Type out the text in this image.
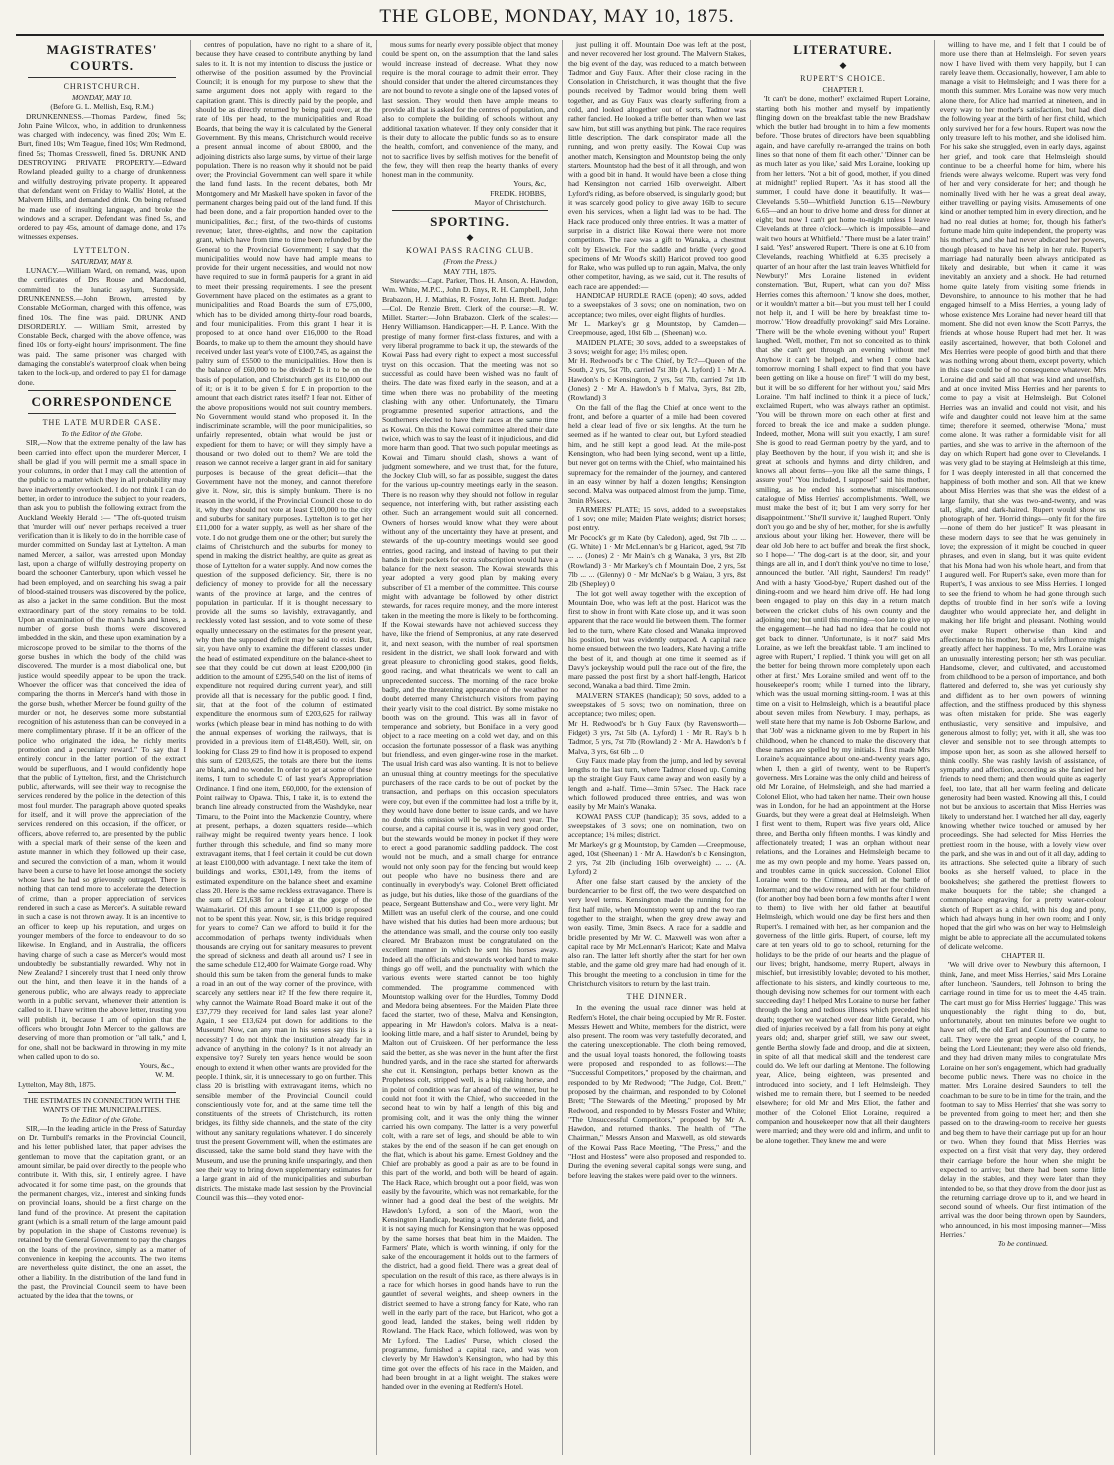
THE GLOBE, MONDAY, MAY 10, 1875.
MAGISTRATES' COURTS.
CHRISTCHURCH.
MONDAY, MAY 10.
(Before G. L. Mellish, Esq, R.M.)

DRUNKENNESS.—Thomas Pardew, fined 5s; John Paine Wilcox, who, in addition to drunkenness was charged with indecency, was fined 20s; Wm E. Burt, fined 10s; Wm Teague, fined 10s; Wm Redmond, fined 5s; Thomas Cresswell, fined 5s. DRUNK AND DESTROYING PRIVATE PROPERTY.—Edward Rowland pleaded guilty to a charge of drunkenness and wilfully destroying private property. It appeared that defendant went on Friday to Wallis' Hotel, at the Malvern Hills, and demanded drink. On being refused he made use of insulting language, and broke the windows and a scraper. Defendant was fined 5s, and ordered to pay 45s, amount of damage done, and 17s witnesses expenses.

LYTTELTON.
SATURDAY, MAY 8.

LUNACY.—William Ward, on remand, was, upon the certificates of Drs Rouse and Macdonald, committed to the lunatic asylum, Sunnyside. DRUNKENNESS.—John Brown, arrested by Constable McGorman, charged with this offence, was fined 10s. The fine was paid. DRUNK AND DISORDERLY. — William Smit, arrested by Constable Beck, charged with the above offence, was fined 10s or forty-eight hours' imprisonment. The fine was paid. The same prisoner was charged with damaging the constable's waterproof cloak when being taken to the lock-up, and ordered to pay £1 for damage done.

CORRESPONDENCE
THE LATE MURDER CASE.
To the Editor of the Globe.

SIR,—Now that the extreme penalty of the law has been carried into effect upon the murderer Mercer, I shall be glad if you will permit me a small space in your columns, in order that I may call the attention of the public to a matter which they in all probability may have inadvertently overlooked. I do not think I can do better, in order to introduce the subject to your readers, than ask you to publish the following extract from the Auckland Weekly Herald :— "The oft-quoted truism that 'murder will out' never perhaps received a truer verification than it is likely to do in the horrible case of murder committed on Sunday last at Lyttelton. A man named Mercer, a sailor, was arrested upon Monday last, upon a charge of wilfully destroying property on board the schooner Canterbury, upon which vessel he had been employed, and on searching his swag a pair of blood-stained trousers was discovered by the police, as also a jacket in the same condition. But the most extraordinary part of the story remains to be told. Upon an examination of the man's hands and knees, a number of gorse bush thorns were discovered imbedded in the skin, and these upon examination by a microscope proved to be similar to the thorns of the gorse bushes in which the body of the child was discovered. The murder is a most diabolical one, but justice would speedily appear to be upon the track. Whoever the officer was that conceived the idea of comparing the thorns in Mercer's hand with those in the gorse bush, whether Mercer be found guilty of the murder or not, he deserves some more substantial recognition of his astuteness than can be conveyed in a mere complimentary phrase. If it be an officer of the police who originated the idea, he richly merits promotion and a pecuniary reward." To say that I entirely concur in the latter portion of the extract would be superfluous, and I would confidently hope that the public of Lyttelton, first, and the Christchurch public, afterwards, will see their way to recognise the services rendered by the police in the detection of this most foul murder. The paragraph above quoted speaks for itself, and it will prove the appreciation of the services rendered on this occasion, if the officer, or officers, above referred to, are presented by the public with a special mark of their sense of the keen and astute manner in which they followed up their case, and secured the conviction of a man, whom it would have been a curse to have let loose amongst the society whose laws he had so grievously outraged. There is nothing that can tend more to accelerate the detection of crime, than a proper appreciation of services rendered in such a case as Mercer's. A suitable reward in such a case is not thrown away. It is an incentive to an officer to keep up his reputation, and urges on younger members of the force to endeavour to do so likewise. In England, and in Australia, the officers having charge of such a case as Mercer's would most undoubtedly be substantially rewarded. Why not in New Zealand? I sincerely trust that I need only throw out the hint, and then leave it in the hands of a generous public, who are always ready to appreciate worth in a public servant, whenever their attention is called to it. I have written the above letter, trusting you will publish it, because I am of opinion that the officers who brought John Mercer to the gallows are deserving of more than promotion or "all talk," and I, for one, shall not be backward in throwing in my mite when called upon to do so.

Yours, &c.,
W. M.
Lyttelton, May 8th, 1875.
THE ESTIMATES IN CONNECTION WITH THE WANTS OF THE MUNICIPALITIES.
To the Editor of the Globe.

SIR,—In the leading article in the Press of Saturday on Dr. Turnbull's remarks in the Provincial Council, and his letter published later, that paper advises the gentleman to move that the capitation grant, or an amount similar, be paid over directly to the people who contribute it. With this, sir, I entirely agree. I have advocated it for some time past, on the grounds that the permanent charges, viz., interest and sinking funds on provincial loans, should be a first charge on the land fund of the province. At present the capitation grant (which is a small return of the large amount paid by population in the shape of Customs revenue) is retained by the General Government to pay the charges on the loans of the province, simply as a matter of convenience in keeping the accounts. The two items are nevertheless quite distinct, the one an asset, the other a liability. In the distribution of the land fund in the past, the Provincial Council seem to have been actuated by the idea that the towns, or

centres of population, have no right to a share of it, because they have ceased to contribute anything by land sales to it. It is not my intention to discuss the justice or otherwise of the position assumed by the Provincial Council; it is enough for my purpose to shew that the same argument does not apply with regard to the capitation grant. This is directly paid by the people, and should be as directly returned by being paid over, at the rate of 10s per head, to the municipalities and Road Boards, that being the way it is calculated by the General Government. By this means, Christchurch would receive a present annual income of about £8000, and the adjoining districts also large sums, by virtue of their large population. There is no reason why it should not be paid over; the Provincial Government can well spare it while the land fund lasts. In the recent debates, both Mr Montgomery and Mr Maskell have spoken in favor of the permanent charges being paid out of the land fund. If this had been done, and a fair proportion handed over to the municipalities, &c.; first, of the two-thirds of customs revenue; later, three-eighths, and now the capitation grant, which have from time to time been refunded by the General to the Provincial Government; I say that the municipalities would now have had ample means to provide for their urgent necessities, and would not now have required to sue in formâ pauperis for a grant in aid to meet their pressing requirements. I see the present Government have placed on the estimates as a grant to municipalities and Road Boards the sum of £75,000, which has to be divided among thirty-four road boards, and four municipalities. From this grant I hear it is proposed to at once hand over £16,000 to the Road Boards, to make up to them the amount they should have received under last year's vote of £100,745, as against the paltry sum of £5500 to the municipalities. How then is the balance of £60,000 to be divided? Is it to be on the basis of population, and Christchurch get its £10,000 out of it; or is it to be given £ for £ in proportion to the amount that each district rates itself? I fear not. Either of the above propositions would not suit country members. No Government would stand who proposed it. In the indiscriminate scramble, will the poor municipalities, so unfairly represented, obtain what would be just or expedient for them to have; or will they simply have a thousand or two doled out to them? We are told the reason we cannot receive a larger grant in aid for sanitary purposes is because of the great deficit—that the Government have not the money, and cannot therefore give it. Now, sir, this is simply bunkum. There is no reason in the world, if the Provincial Council chose to do it, why they should not vote at least £100,000 to the city and suburbs for sanitary purposes. Lyttelton is to get her £11,000 for a water supply, as well as her share of the vote. I do not grudge them one or the other; but surely the claims of Christchurch and the suburbs for money to spend in making the district healthy, are quite as great as those of Lyttelton for a water supply. And now comes the question of the supposed deficiency. Sir, there is no deficiency of money to provide for all the necessary wants of the province at large, and the centres of population in particular. If it is thought necessary to provide all the sums so lavishly, extravagantly, and recklessly voted last session, and to vote some of these equally unnecessary on the estimates for the present year, why then the supposed deficit may be said to exist. But, sir, you have only to examine the different classes under the head of estimated expenditure on the balance-sheet to see that they could be cut down at least £200,000 (in addition to the amount of £295,540 on the list of items of expenditure not required during current year), and still provide all that is necessary for the public good. I find, sir, that at the foot of the column of estimated expenditure the enormous sum of £203,625 for railway works (which please bear in mind has nothing to do with the annual expenses of working the railways, that is provided in a previous item of £148,450). Well, sir, on looking for Class 29 to find how it is proposed to expend this sum of £203,625, the totals are there but the items are blank, and no wonder. In order to get at some of these items, I turn to schedule C of last year's Appropriation Ordinance. I find one item, £60,000, for the extension of Point railway to Opawa. This, I take it, is to extend the branch line already constructed from the Washdyke, near Timaru, to the Point into the Mackenzie Country, where at present, perhaps, a dozen squatters reside—which railway might be required twenty years hence. I look further through this schedule, and find so many more extravagant items, that I feel certain it could be cut down at least £100,000 with advantage. I next take the item of buildings and works, £301,149, from the items of estimated expenditure on the balance sheet and examine class 20. Here is the same reckless extravagance. There is the sum of £21,638 for a bridge at the gorge of the Waimakariri. Of this amount I see £11,000 is proposed not to be spent this year. Now, sir, is this bridge required for years to come? Can we afford to build it for the accommodation of perhaps twenty individuals when thousands are crying out for sanitary measures to prevent the spread of sickness and death all around us? I see in the same schedule £12,400 for Waimate Gorge road. Why should this sum be taken from the general funds to make a road in an out of the way corner of the province, with scarcely any settlers near it? If the few there require it, why cannot the Waimate Road Board make it out of the £37,779 they received for land sales last year alone? Again, I see £13,624 put down for additions to the Museum! Now, can any man in his senses say this is a necessity? I do not think the institution already far in advance of anything in the colony? Is it not already an expensive toy? Surely ten years hence would be soon enough to extend it when other wants are provided for the people. I think, sir, it is unnecessary to go on further. This class 20 is bristling with extravagant items, which no sensible member of the Provincial Council could conscientiously vote for, and at the same time tell the constituents of the streets of Christchurch, its rotten bridges, its filthy side channels, and the state of the city without any sanitary regulations whatever. I do sincerely trust the present Government will, when the estimates are discussed, take the same bold stand they have with the Museum, and use the pruning knife unsparingly, and then see their way to bring down supplementary estimates for a large grant in aid of the municipalities and suburban districts. The mistake made last session by the Provincial Council was this—they voted enor-

mous sums for nearly every possible object that money could be spent on, on the assumption that the land sales would increase instead of decrease. What they now require is the moral courage to admit their error. They should consider that under the altered circumstances they are not bound to revote a single one of the lapsed votes of last session. They would then have ample means to provide all that is asked for the centres of population, and also to complete the building of schools without any additional taxation whatever. If they only consider that it is their duty to allocate the public funds so as to ensure the health, comfort, and convenience of the many, and not to sacrifice lives by selfish motives for the benefit of the few, they will then reap the hearty thanks of every honest man in the community.

Yours, &c,
FREDK. HOBBS,
Mayor of Christchurch.
SPORTING.
◆
KOWAI PASS RACING CLUB.
(From the Press.)
MAY 7TH, 1875.

Stewards:—Capt. Parker, Thos. H. Anson, A. Hawdon, Wm. White, M.P.C., John D. Enys, R. H. Campbell, John Brabazon, H. J. Mathias, R. Foster, John H. Brett. Judge: —Col. De Renzie Brett. Clerk of the course:—R. W. Millet. Starter:—John Brabazon. Clerk of the scales:—Henry Williamson. Handicapper:—H. P. Lance. With the prestige of many former first-class fixtures, and with a very liberal programme to back it up, the stewards of the Kowai Pass had every right to expect a most successful tryst on this occasion. That the meeting was not so successful as could have been wished was no fault of theirs. The date was fixed early in the season, and at a time when there was no probability of the meeting clashing with any other. Unfortunately, the Timaru programme presented superior attractions, and the Southerners elected to have their races at the same time as Kowai. On this the Kowai committee altered their date twice, which was to say the least of it injudicious, and did more harm than good. That two such popular meetings as Kowai and Timaru should clash, shows a want of judgment somewhere, and we trust that, for the future, the Jockey Club will, so far as possible, suggest the dates for the various up-country meetings early in the season. There is no reason why they should not follow in regular sequence, not interfering with, but rather assisting each other. Such an arrangement would suit all concerned. Owners of horses would know what they were about without any of the uncertainty they have at present, and stewards of the up-country meetings would see good entries, good racing, and instead of having to put their hands in their pockets for extra subscription would have a balance for the next season. The Kowai stewards this year adopted a very good plan by making every subscriber of £1 a member of the committee. This course might with advantage be followed by other district stewards, for races require money, and the more interest taken in the meeting the more is likely to be forthcoming. If the Kowai stewards have not achieved success they have, like the friend of Sempronius, at any rate deserved it, and next season, with the number of real sportsmen resident in the district, we shall look forward and with great pleasure to chronicling good stakes, good fields, good racing, and what theatricals we went to call an unprecedented success. The morning of the race broke badly, and the threatening appearance of the weather no doubt deterred many Christchurch visitors from paying their yearly visit to the coal district. By some mistake no booth was on the ground. This was all in favor of temperance and sobriety, but Boniface in a very good object to a race meeting on a cold wet day, and on this occasion the fortunate possessor of a flask was anything but friendless, and even ginger-wine rose in the market. The usual Irish card was also wanting. It is not to believe an unusual thing at country meetings for the speculative purchasers of the race cards to be out of pocket by the transaction, and perhaps on this occasion speculators were coy, but even if the committee had lost a trifle by it, they would have done better to issue cards, and we have no doubt this omission will be supplied next year. The course, and a capital course it is, was in very good order, but the stewards would be money in pocket if they were to erect a good paranomic saddling paddock. The cost would not be much, and a small charge for entrance would not only soon pay for the fencing but would keep out people who have no business there and are continually in everybody's way. Colonel Brett officiated as judge, but his duties, like those of the guardians of the peace, Sergeant Buttenshaw and Co., were very light. Mr Millett was an useful clerk of the course, and one could have wished that his duties had been more arduous; but the attendance was small, and the course only too easily cleared. Mr Brabazon must be congratulated on the excellent manner in which he sent his horses away. Indeed all the officials and stewards worked hard to make things go off well, and the punctuality with which the various events were started cannot be too highly commended. The programme commenced with Mountstop walking over for the Hurdles, Tommy Dodd and Medora being absentees. For the Maiden Plate three faced the starter, two of these, Malva and Kensington, appearing in Mr Hawdon's colors. Malva is a neat-looking little mare, and a half sister to Arundel, being by Malton out of Cruiskeen. Of her performance the less said the better, as she was never in the hunt after the first hundred yards, and in the race she started for afterwards she cut it. Kensington, perhaps better known as the Prophetess colt, stripped well, is a big raking horse, and in point of condition was far ahead of the winner, but he could not foot it with the Chief, who succeeded in the second heat to win by half a length of this big and promising colt, and it was the only thing the winner carried his own company. The latter is a very powerful colt, with a rare set of legs, and should be able to win stakes by the end of the season if he can get enough on the flat, which is about his game. Ernest Goldney and the Chief are probably as good a pair as are to be found in this part of the world, and both will be heard of again. The Hack Race, which brought out a poor field, was won easily by the favourite, which was not remarkable, for the winner had a good deal the best of the weights. Mr Hawdon's Lyford, a son of the Maori, won the Kensington Handicap, beating a very moderate field, and it is not saying much for Kensington that he was opposed by the same horses that beat him in the Maiden. The Farmers' Plate, which is worth winning, if only for the sake of the encouragement it holds out to the farmers of the district, had a good field. There was a great deal of speculation on the result of this race, as there always is in a race for which horses in good hands have to run the gauntlet of several weights, and sheep owners in the district seemed to have a strong fancy for Kate, who ran well in the early part of the race, but Haricot, who got a good lead, landed the stakes, being well ridden by Rowland. The Hack Race, which followed, was won by Mr Lyford. The Ladies' Purse, which closed the programme, furnished a capital race, and was won cleverly by Mr Hawdon's Kensington, who had by this time got over the effects of his race in the Maiden, and had been brought in at a light weight. The stakes were handed over in the evening at Redfern's Hotel.

just pulling it off. Mountain Doe was left at the post, and never recovered her lost ground. The Malvern Stakes, the big event of the day, was reduced to a match between Tadmor and Guy Faux. After their close racing in the Consolation in Christchurch, it was thought that the five pounds received by Tadmor would bring them well together, and as Guy Faux was clearly suffering from a cold, and looked altogether out of sorts, Tadmor was rather fancied. He looked a trifle better than when we last saw him, but still was anything but pink. The race requires little description. The dark conspirator made all the running, and won pretty easily. The Kowai Cup was another match, Kensington and Mountstop being the only starters. Mountstop had the best of it all through, and won with a good bit in hand. It would have been a close thing had Kensington not carried 16lb overweight. Albert Lyford's riding, as before observed, is singularly good; but it was scarcely good policy to give away 16lb to secure even his services, when a light lad was to be had. The Hack race produced only three entries. It was a matter of surprise in a district like Kowai there were not more competitors. The race was a gift to Wanaka, a chestnut colt by Elswick. For the saddle and bridle (very good specimens of Mr Wood's skill) Haricot proved too good for Rake, who was pulled up to run again, Malva, the only other competitor, having, as we said, cut it. The results of each race are appended:—

HANDICAP HURDLE RACE (open); 40 sovs, added to a sweepstakes of 3 sovs; one on nomination, two on acceptance; two miles, over eight flights of hurdles.

Mr L. Markey's gr g Mountstop, by Camden—Creepmouse, aged, 10st 6lb ... (Sheenan) w.o.

MAIDEN PLATE; 30 sovs, added to a sweepstakes of 3 sovs; weight for age; 1½ miles; open.

Mr H. Redwood's br c The Chief, by Tc?—Queen of the South, 2 yrs, 5st 7lb, carried 7st 3lb (A. Lyford) 1 · Mr A. Hawdon's b c Kensington, 2 yrs, 5st 7lb, carried 7st 1lb (Jones) 2 · Mr A. Hawdon's b f Malva, 3yrs, 8st 2lb, (Rowland) 3

On the fall of the flag the Chief at once went to the front, and before a quarter of a mile had been covered held a clear lead of five or six lengths. At the turn he seemed as if he wanted to clear out, but Lyford steadied him, and he still kept a good lead. At the mile-post Kensington, who had been lying second, went up a little, but never got on terms with the Chief, who maintained his supremacy for the remainder of the journey, and cantered in an easy winner by half a dozen lengths; Kensington second. Malva was outpaced almost from the jump. Time, 3min 8⅗secs.

FARMERS' PLATE; 15 sovs, added to a sweepstakes of 1 sov; one mile; Maiden Plate weights; district horses; post entry.

Mr Pocock's gr m Kate (by Caledon), aged, 9st 7lb ... ... (G. White) 1 · Mr McLennan's br g Haricot, aged, 9st 7lb ... ... (Jones) 2 · Mr Main's ch g Wanaka, 3 yrs, 8st 2lb (Rowland) 3 · Mr Markey's ch f Mountain Doe, 2 yrs, 5st 7lb ... ... (Glenny) 0 · Mr McNae's b g Waiau, 3 yrs, 8st 2lb (Shepley) 0

The lot got well away together with the exception of Mountain Doe, who was left at the post. Haricot was the first to show in front with Kate close up, and it was soon apparent that the race would lie between them. The former led to the turn, where Kate closed and Wanaka improved his position, but was evidently outpaced. A capital race home ensued between the two leaders, Kate having a trifle the best of it, and though at one time it seemed as if Davy's jockeyship would pull the race out of the fire, the mare passed the post first by a short half-length, Haricot second, Wanaka a bad third. Time 2min.

MALVERN STAKES (handicap); 50 sovs, added to a sweepstakes of 5 sovs; two on nomination, three on acceptance; two miles; open.

Mr H. Redwood's br h Guy Faux (by Ravensworth—Fidget) 3 yrs, 7st 5lb (A. Lyford) 1 · Mr R. Ray's b h Tadmor, 5 yrs, 7st 7lb (Rowland) 2 · Mr A. Hawdon's b f Malva, 3 yrs, 6st 6lb ... 0

Guy Faux made play from the jump, and led by several lengths to the last turn, where Tadmor closed up. Coming up the straight Guy Faux came away and won easily by a length and a-half. Time—3min 57sec. The Hack race which followed produced three entries, and was won easily by Mr Main's Wanaka.

KOWAI PASS CUP (handicap); 35 sovs, added to a sweepstakes of 3 sovs; one on nomination, two on acceptance; 1¼ miles; district.

Mr Markey's gr g Mountstop, by Camden —Creepmouse, aged, 10st (Sheenan) 1 · Mr A. Hawdon's b c Kensington, 2 yrs, 7st 2lb (including 16lb overweight) ... ... (A. Lyford) 2

After one false start caused by the anxiety of the burdencarrier to be first off, the two were despatched on very level terms. Kensington made the running for the first half mile, when Mountstop went up and the two ran together to the straight, when the grey drew away and won easily. Time, 3min 8secs. A race for a saddle and bridle presented by Mr W. C. Maxwell was won after a capital race by Mr McLennan's Haricot; Kate and Malva also ran. The latter left shortly after the start for her own stable, and the game old grey mare had had enough of it. This brought the meeting to a conclusion in time for the Christchurch visitors to return by the last train.

THE DINNER.

In the evening the usual race dinner was held at Redfern's Hotel, the chair being occupied by Mr R. Foster. Messrs Hewett and White, members for the district, were also present. The room was very tastefully decorated, and the catering unexceptionable. The cloth being removed, and the usual loyal toasts honored, the following toasts were proposed and responded to as follows:—The "Successful Competitors," proposed by the chairman, and responded to by Mr Redwood; "The Judge, Col. Brett," proposed by the chairman, and responded to by Colonel Brett; "The Stewards of the Meeting," proposed by Mr Redwood, and responded to by Messrs Foster and White; "The Unsuccessful Competitors," proposed by Mr A. Hawdon, and returned thanks. The health of "The Chairman," Messrs Anson and Maxwell, as old stewards of the Kowai Pass Race Meeting, "The Press," and the "Host and Hostess" were also proposed and responded to. During the evening several capital songs were sung, and before leaving the stakes were paid over to the winners.

LITERATURE.
◆
RUPERT'S CHOICE.
CHAPTER I.

'It can't be done, mother!' exclaimed Rupert Loraine, starting both his mother and myself by impatiently flinging down on the breakfast table the new Bradshaw which the butler had brought in to him a few moments before. 'Those brutes of directors have been squabbling again, and have carefully re-arranged the trains on both lines so that none of them fit each other.' 'Dinner can be as much later as you like,' said Mrs Loraine, looking up from her letters. 'Not a bit of good, mother, if you dined at midnight!' replied Rupert. 'As it has stood all the summer, I could have done it beautifully. It was—Clevelands 5.50—Whitfield Junction 6.15—Newbury 6.65—and an hour to drive home and dress for dinner at eight; but now I can't get home to-night unless I leave Clevelands at three o'clock—which is impossible—and wait two hours at Whitfield.' 'There must be a later train!' I said. 'Yes!' answered Rupert. 'There is one at 6.10 from Clevelands, reaching Whitfield at 6.35 precisely a quarter of an hour after the last train leaves Whitfield for Newbury!' Mrs Loraine listened in evident consternation. 'But, Rupert, what can you do? Miss Herries comes this afternoon.' 'I know she does, mother, or it wouldn't matter a bit—but you must tell her I could not help it, and I will be here by breakfast time to-morrow.' 'How dreadfully provoking!' said Mrs Loraine. 'There will be the whole evening without you!' Rupert laughed. 'Well, mother, I'm not so conceited as to think that she can't get through an evening without me! Anyhow it can't be helped, and when I come back tomorrow morning I shall expect to find that you have been getting on like a house on fire!' 'I will do my best, but it will be so different for her without you,' said Mrs Loraine. 'I'm half inclined to think it a piece of luck,' exclaimed Rupert, who was always rather an optimist. 'You will be thrown more on each other at first and forced to break the ice and make a sudden plunge. Indeed, mother, Mona will suit you exactly, I am sure! She is good to read German poetry by the yard, and to play Beethoven by the hour, if you wish it; and she is great at schools and hymns and dirty children, and knows all about ferns—you like all the same things, I assure you!' 'You included, I suppose!' said his mother, smiling, as he ended his somewhat miscellaneous catalogue of Miss Herries' accomplishments. 'Well, we must make the best of it; but I am very sorry for her disappointment.' 'She'll survive it,' laughed Rupert. 'Only don't you go and be shy of her, mother, for she is awfully anxious about your liking her. However, there will be dear old Job here to act buffer and break the first shock, so I hope—' 'The dog-cart is at the door, sir, and your things are all in, and I don't think you've no time to lose,' announced the butler. 'All right, Saunders! I'm ready!' And with a hasty 'Good-bye,' Rupert dashed out of the dining-room and we heard him drive off. He had long been engaged to play on this day in a return match between the cricket clubs of his own county and the adjoining one; but until this morning—too late to give up the engagement—he had had no idea that he could not get back to dinner. 'Unfortunate, is it not?' said Mrs Loraine, as we left the breakfast table. 'I am inclined to agree with Rupert,' I replied. 'I think you will get on all the better for being thrown more completely upon each other at first.' Mrs Loraine smiled and went off to the housekeeper's room; while I turned into the library, which was the usual morning sitting-room. I was at this time on a visit to Helmsleigh, which is a beautiful place about seven miles from Newbury. I may, perhaps, as well state here that my name is Job Osborne Barlow, and that 'Job' was a nickname given to me by Rupert in his childhood, when he chanced to make the discovery that these names are spelled by my initials. I first made Mrs Loraine's acquaintance about one-and-twenty years ago, when I, then a girl of twenty, went to be Rupert's governess. Mrs Loraine was the only child and heiress of old Mr Loraine, of Helmsleigh, and she had married a Colonel Eliot, who had taken her name. Their own house was in London, for he had an appointment at the Horse Guards, but they were a great deal at Helmsleigh. When I first went to them, Rupert was five years old, Alice three, and Bertha only fifteen months. I was kindly and affectionately treated; I was an orphan without near relations, and the Loraines and Helmsleigh became to me as my own people and my home. Years passed on, and troubles came in quick succession. Colonel Eliot Loraine went to the Crimea, and fell at the battle of Inkerman; and the widow returned with her four children (for another boy had been born a few months after I went to them) to live with her old father at beautiful Helmsleigh, which would one day be first hers and then Rupert's. I remained with her, as her companion and the governess of the little girls. Rupert, of course, left my care at ten years old to go to school, returning for the holidays to be the pride of our hearts and the plague of our lives; bright, handsome, merry Rupert, always in mischief, but irresistibly lovable; devoted to his mother, affectionate to his sisters, and kindly courteous to me, though devising now schemes for our torment with each succeeding day! I helped Mrs Loraine to nurse her father through the long and tedious illness which preceded his death; together we watched over dear little Gerald, who died of injuries received by a fall from his pony at eight years old; and, sharper grief still, we saw our sweet, gentle Bertha slowly fade and droop, and die at sixteen, in spite of all that medical skill and the tenderest care could do. We left our darling at Mentone. The following year, Alice, being eighteen, was presented and introduced into society, and I left Helmsleigh. They wished me to remain there, but I seemed to be needed elsewhere; for old Mr and Mrs Eliot, the father and mother of the Colonel Eliot Loraine, required a companion and housekeeper now that all their daughters were married; and they were old and infirm, and unfit to be alone together. They knew me and were

willing to have me, and I felt that I could be of more use there than at Helmsleigh. For seven years now I have lived with them very happily, but I can rarely leave them. Occasionally, however, I am able to manage a visit to Helmsleigh; and I was there for a month this summer. Mrs Loraine was now very much alone there, for Alice had married at nineteen, and in every way to her mother's satisfaction, but had died the following year at the birth of her first child, which only survived her for a few hours. Rupert was now the only treasure left to his mother, and she idolised him. For his sake she struggled, even in early days, against her grief, and took care that Helmsleigh should continue to be a cheerful home for him, where his friends were always welcome. Rupert was very fond of her and very considerate for her; and though he nominally lived with her he was a great deal away, either travelling or paying visits. Amusements of one kind or another tempted him in every direction, and he had no real duties at home; for, though his father's fortune made him quite independent, the property was his mother's, and she had never abdicated her powers, though pleased to have his help in her rule. Rupert's marriage had naturally been always anticipated as likely and desirable, but when it came it was inevitably an anxiety and a shock. He had returned home quite lately from visiting some friends in Devonshire, to announce to his mother that he had engaged himself to a Miss Herries, a young lady of whose existence Mrs Loraine had never heard till that moment. She did not even know the Scott Parrys, the friends at whose house Rupert had met her. It was easily ascertained, however, that both Colonel and Mrs Herries were people of good birth and that there was nothing wrong about them, except poverty, which in this case could be of no consequence whatever. Mrs Loraine did and said all that was kind and unselfish, and at once invited Miss Herries and her parents to come to pay a visit at Helmsleigh. But Colonel Herries was an invalid and could not visit, and his wife and daughter could not leave him at the same time; therefore it seemed, otherwise 'Mona,' must come alone. It was rather a formidable visit for all parties, and she was to arrive in the afternoon of the day on which Rupert had gone over to Clevelands. I was very glad to be staying at Helmsleigh at this time, for I was deeply interested in all that concerned the happiness of both mother and son. All that we knew about Miss Herries was that she was the eldest of a large family, that she was two-and-twenty, and was tall, slight, and dark-haired. Rupert would show us photograph of her. 'Horrid things—only fit for the fire—none of them do her justice!' It was pleasant in these modern days to see that he was genuinely in love; the expression of it might be couched in queer phrases, and even in slang, but it was quite evident that his Mona had won his whole heart, and from that I augured well. For Rupert's sake, even more than for Rupert's, I was anxious to see Miss Herries. I longed to see the friend to whom he had gone through such depths of trouble find in her son's wife a loving daughter who would appreciate her, and delight in making her life bright and pleasant. Nothing would ever make Rupert otherwise than kind and affectionate to his mother, but a wife's influence might greatly affect her happiness. To me, Mrs Loraine was an unusually interesting person; her sth was peculiar. Handsome, clever, and cultivated, and accustomed from childhood to be a person of importance, and both flattered and deferred to, she was yet curiously shy and diffident as to her own powers of winning affection, and the stiffness produced by this shyness was often mistaken for pride. She was eagerly enthusiastic, very sensitive and impulsive, and generous almost to folly; yet, with it all, she was too clever and sensible not to see through attempts to impose upon her, as soon as she allowed herself to think coolly. She was rashly lavish of assistance, of sympathy and affection, according as she fancied her friends to need them; and then would quite as eagerly feel, too late, that all her warm feeling and delicate generosity had been wasted. Knowing all this, I could not but be anxious to ascertain that Miss Herries was likely to understand her. I watched her all day, eagerly knowing whether twice touched or amused by her proceedings. She had selected for Miss Herries the prettiest room in the house, with a lovely view over the park, and she was in and out of it all day, adding to its attractions. She selected quite a library of such books as she herself valued, to place in the bookshelves; she gathered the prettiest flowers to make bouquets for the table; she changed a commonplace engraving for a pretty water-colour sketch of Rupert as a child, with his dog and pony, which had always hung in her own room; and I only hoped that the girl who was on her way to Helmsleigh might be able to appreciate all the accumulated tokens of delicate welcome.

CHAPTER II.

'We will drive over to Newbury this afternoon, I think, Jane, and meet Miss Herries,' said Mrs Loraine after luncheon. 'Saunders, tell Johnson to bring the carriage round in time for us to meet the 4.45 train. The cart must go for Miss Herries' luggage.' This was unquestionably the right thing to do, but, unfortunately, about ten minutes before we ought to have set off, the old Earl and Countess of D came to call. They were the great people of the county, he being the Lord Lieutenant; they were also old friends, and they had driven many miles to congratulate Mrs Loraine on her son's engagement, which had gradually become public news. There was no choice in the matter. Mrs Loraine desired Saunders to tell the coachman to be sure to be in time for the train, and the footman to say to Miss Herries' that she was sorry to be prevented from going to meet her; and then she passed on to the drawing-room to receive her guests and beg them to have their carriage put up for an hour or two. When they found that Miss Herries was expected on a first visit that very day, they ordered their carriage before the hour when she might be expected to arrive; but there had been some little delay in the stables, and they were later than they intended to be, so that they drove from the door just as the returning carriage drove up to it, and we heard in second sound of wheels. Our first intimation of the arrival was the door being thrown open by Saunders, who announced, in his most imposing manner—'Miss Herries.'

To be continued.
